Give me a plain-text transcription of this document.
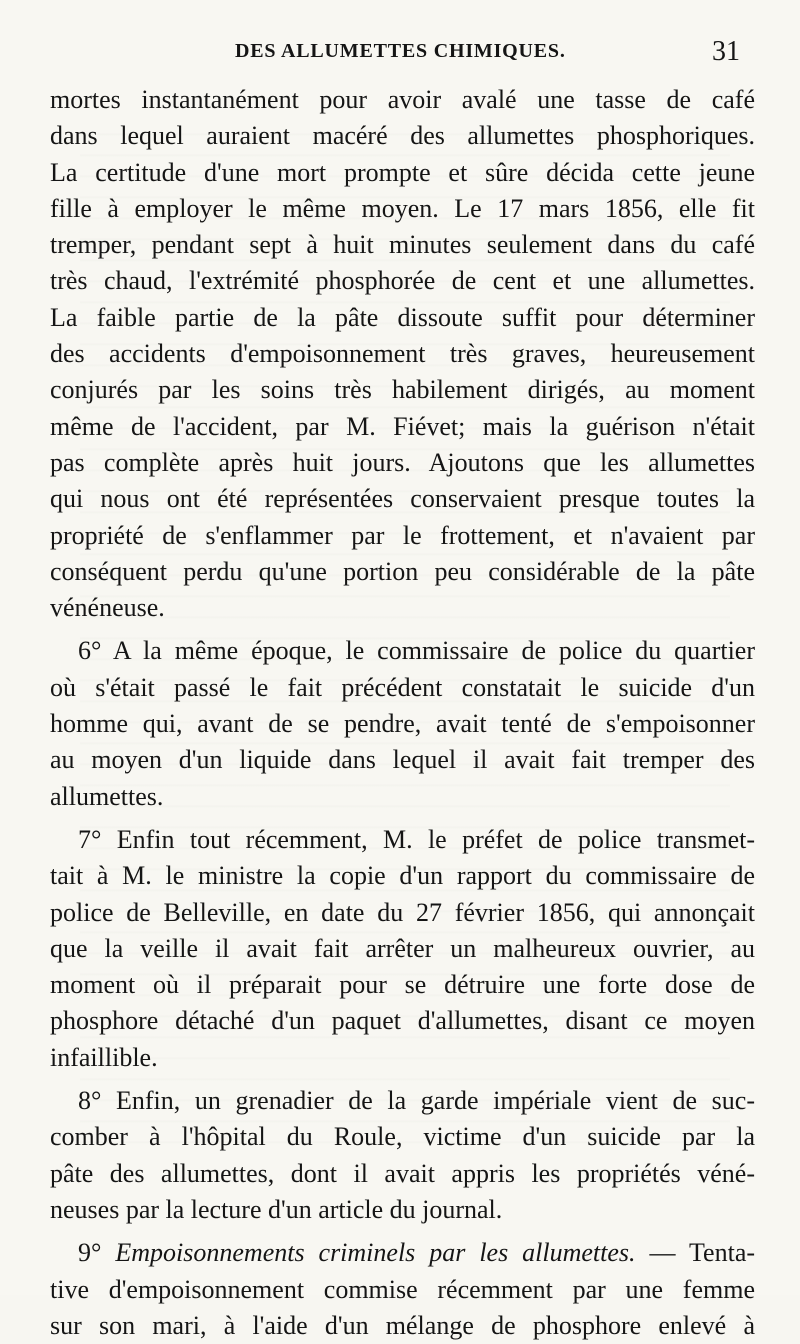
DES ALLUMETTES CHIMIQUES.	31
mortes instantanément pour avoir avalé une tasse de café
dans lequel auraient macéré des allumettes phosphoriques.
La certitude d'une mort prompte et sûre décida cette jeune
fille à employer le même moyen. Le 17 mars 1856, elle fit
tremper, pendant sept à huit minutes seulement dans du café
très chaud, l'extrémité phosphorée de cent et une allumettes.
La faible partie de la pâte dissoute suffit pour déterminer
des accidents d'empoisonnement très graves, heureusement
conjurés par les soins très habilement dirigés, au moment
même de l'accident, par M. Fiévet; mais la guérison n'était
pas complète après huit jours. Ajoutons que les allumettes
qui nous ont été représentées conservaient presque toutes la
propriété de s'enflammer par le frottement, et n'avaient par
conséquent perdu qu'une portion peu considérable de la pâte
vénéneuse.
6° A la même époque, le commissaire de police du quartier
où s'était passé le fait précédent constatait le suicide d'un
homme qui, avant de se pendre, avait tenté de s'empoisonner
au moyen d'un liquide dans lequel il avait fait tremper des
allumettes.
7° Enfin tout récemment, M. le préfet de police transmet-
tait à M. le ministre la copie d'un rapport du commissaire de
police de Belleville, en date du 27 février 1856, qui annonçait
que la veille il avait fait arrêter un malheureux ouvrier, au
moment où il préparait pour se détruire une forte dose de
phosphore détaché d'un paquet d'allumettes, disant ce moyen
infaillible.
8° Enfin, un grenadier de la garde impériale vient de suc-
comber à l'hôpital du Roule, victime d'un suicide par la
pâte des allumettes, dont il avait appris les propriétés véné-
neuses par la lecture d'un article du journal.
9° Empoisonnements criminels par les allumettes. — Tenta-
tive d'empoisonnement commise récemment par une femme
sur son mari, à l'aide d'un mélange de phosphore enlevé à
